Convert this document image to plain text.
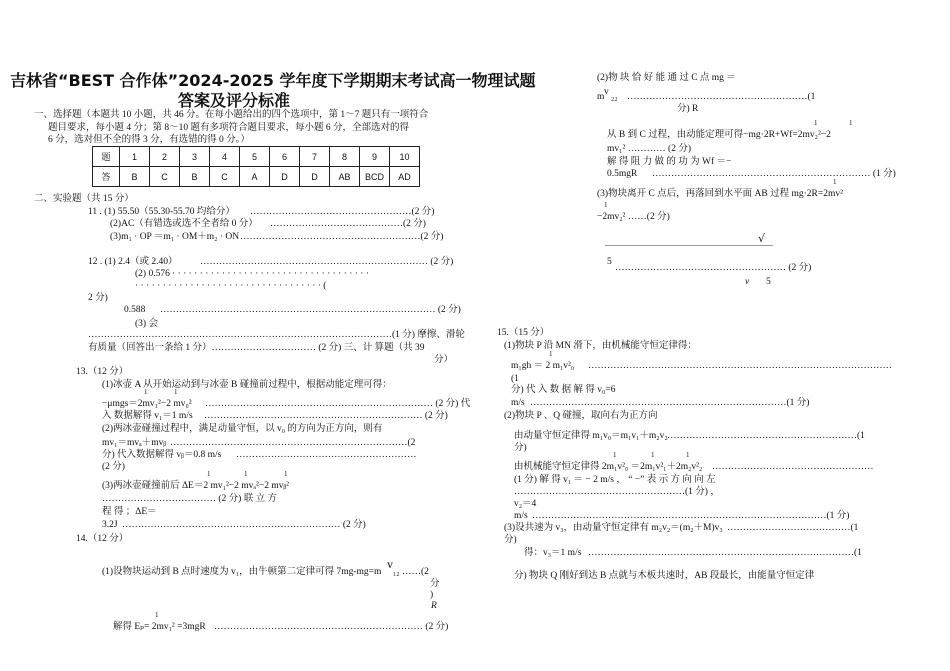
吉林省“BEST 合作体”2024-2025 学年度下学期期末考试高一物理试题
答案及评分标准
一、选择题（本题共 10 小题，共 46 分。在每小题给出的四个选项中，第 1～7 题只有一项符合
题目要求，每小题 4 分；第 8～10 题有多项符合题目要求，每小题 6 分，全部选对的得
6 分，选对但不全的得 3 分，有选错的得 0 分。）
题	1	2	3	4	5	6	7	8	9	10
答	B	C	B	C	A	D	D	AB	BCD	AD
二、实验题（共 15 分）
11 . (1) 55.50（55.30-55.70 均给分） ……………………………………………(2 分)
(2)AC（有错选或选不全者给 0 分） ……………………………………(2 分)
(3)m₁ · OP ＝m₁ · OM＋m₂ · ON …………………………………………………(2 分)
12 . (1) 2.4（或 2.40） ……………………………………………………………… (2 分)
(2) 0.576 · · · · · · · · · · · · · · · · · · · · · · · · · · · · · · · · · · · ·
· · · · · · · · · · · · · · · · · · · · · · · · · · · · · · · · · · (
2 分)
0.588 …………………………………………………………………………… (2 分)
(3) 会
……………………………………………………………………………………(1 分) 摩擦、滑轮
有质量（回答出一条给 1 分）…………………………… (2 分) 三、计 算题（共 39
分）
13.（12 分）
(1)冰壶 A 从开始运动到与冰壶 B 碰撞前过程中，根据动能定理可得：
1	1
−μmgs＝2mv₁²−2 mv₀² ……………………………………………………………… (2 分) 代
入 数据解得 v₁＝1 m/s …………………………………………………………… (2 分)
(2)两冰壶碰撞过程中，满足动量守恒，以 v₀ 的方向为正方向，则有
mv₁＝mvₐ＋mvᵦ …………………………………………………………………(2
分) 代入数据解得 vᵦ＝0.8 m/s …………………………………………………
(2 分)
1	1	1
(3)两冰壶碰撞前后 ΔE＝2 mv₁²−2 mvₐ²−2 mvᵦ²
……………………………… (2 分) 联 立 方
程 得 ；ΔE＝
3.2J …………………………………………………………… (2 分)
14.（12 分）
(1)设物块运动到 B 点时速度为 v₁，由牛顿第二定律可得 7mg-mg=m
v
₁₂ ……(2
分
)
R
1
解得 Eₚ= 2mv₁² =3mgR ………………………………………………………… (2 分)
(2)物 块 恰 好 能 通 过 C 点 mg ＝
m v ₂₂ …………………………………………………(1
分) R
1	1
从 B 到 C 过程，由动能定理可得−mg·2R+Wf=2mv₂²−2
mv₁² ………… (2 分)
解 得 阻 力 做 的 功 为 Wf ＝−
0.5mgR …………………………………………………………… (1 分)
1
(3)物块离开 C 点后，再落回到水平面 AB 过程 mg·2R=2mv²
1
−2mv₂² ……(2 分)
√
5
……………………………………………… (2 分)
v 5
15.（15 分）
(1)物块 P 沿 MN 滑下，由机械能守恒定律得：
1
m₁gh ＝ 2 m₁v²₀ ……………………………………………………………………………………
(1
分) 代 入 数 据 解 得 v₀=6
m/s ………………………………………………………………………(1 分)
(2)物块 P 、Q 碰撞，取向右为正方向
由动量守恒定律得 m₁v₀＝m₁v₁＋m₂v₂ ……………………………………………………(1
分)
1	1	1
由机械能守恒定律得 2m₁v²₀ ＝2m₁v²₁＋2m₂v²₂ ……………………………………………
(1 分) 解 得 v₁ ＝ − 2 m/s ， “ −” 表 示 方 向 向 左
………………………………………………(1 分) ，
v₂＝4
m/s …………………………………………………………………………………(1 分)
(3)设共速为 v₃，由动量守恒定律有 m₂v₂＝(m₂＋M)v₃ …………………………………(1
分)
得：v₃＝1 m/s …………………………………………………………………………(1
分) 物块 Q 刚好到达 B 点就与木板共速时，AB 段最长，由能量守恒定律
